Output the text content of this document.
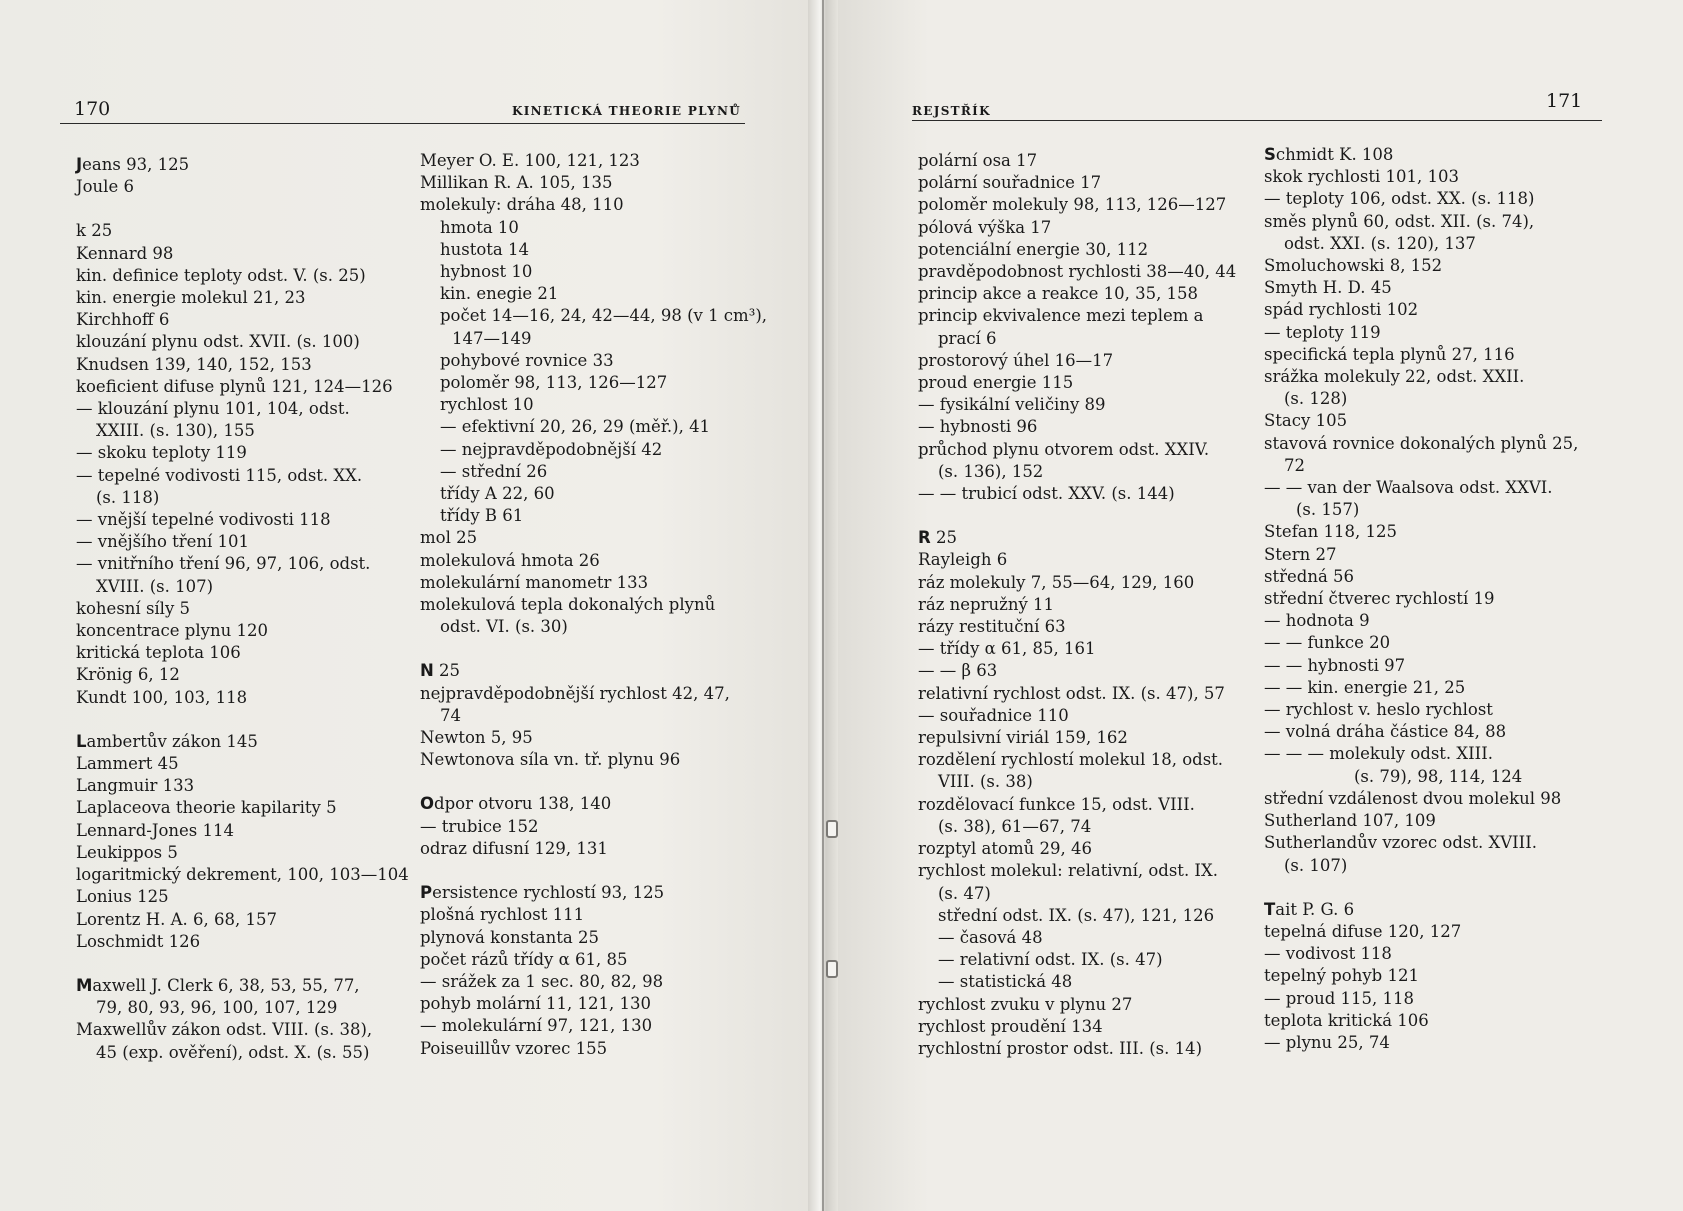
170	KINETICKÁ THEORIE PLYNŮ
Jeans 93, 125
Joule 6
k 25
Kennard 98
kin. definice teploty odst. V. (s. 25)
kin. energie molekul 21, 23
Kirchhoff 6
klouzání plynu odst. XVII. (s. 100)
Knudsen 139, 140, 152, 153
koeficient difuse plynů 121, 124—126
— klouzání plynu 101, 104, odst.
XXIII. (s. 130), 155
— skoku teploty 119
— tepelné vodivosti 115, odst. XX.
(s. 118)
— vnější tepelné vodivosti 118
— vnějšího tření 101
— vnitřního tření 96, 97, 106, odst.
XVIII. (s. 107)
kohesní síly 5
koncentrace plynu 120
kritická teplota 106
Krönig 6, 12
Kundt 100, 103, 118
Lambertův zákon 145
Lammert 45
Langmuir 133
Laplaceova theorie kapilarity 5
Lennard-Jones 114
Leukippos 5
logaritmický dekrement, 100, 103—104
Lonius 125
Lorentz H. A. 6, 68, 157
Loschmidt 126
Maxwell J. Clerk 6, 38, 53, 55, 77,
79, 80, 93, 96, 100, 107, 129
Maxwellův zákon odst. VIII. (s. 38),
45 (exp. ověření), odst. X. (s. 55)
Meyer O. E. 100, 121, 123
Millikan R. A. 105, 135
molekuly: dráha 48, 110
hmota 10
hustota 14
hybnost 10
kin. enegie 21
počet 14—16, 24, 42—44, 98 (v 1 cm³),
147—149
pohybové rovnice 33
poloměr 98, 113, 126—127
rychlost 10
— efektivní 20, 26, 29 (měř.), 41
— nejpravděpodobnější 42
— střední 26
třídy A 22, 60
třídy B 61
mol 25
molekulová hmota 26
molekulární manometr 133
molekulová tepla dokonalých plynů
odst. VI. (s. 30)
N 25
nejpravděpodobnější rychlost 42, 47,
74
Newton 5, 95
Newtonova síla vn. tř. plynu 96
Odpor otvoru 138, 140
— trubice 152
odraz difusní 129, 131
Persistence rychlostí 93, 125
plošná rychlost 111
plynová konstanta 25
počet rázů třídy α 61, 85
— srážek za 1 sec. 80, 82, 98
pohyb molární 11, 121, 130
— molekulární 97, 121, 130
Poiseuillův vzorec 155
REJSTŘÍK	171
polární osa 17
polární souřadnice 17
poloměr molekuly 98, 113, 126—127
pólová výška 17
potenciální energie 30, 112
pravděpodobnost rychlosti 38—40, 44
princip akce a reakce 10, 35, 158
princip ekvivalence mezi teplem a
prací 6
prostorový úhel 16—17
proud energie 115
— fysikální veličiny 89
— hybnosti 96
průchod plynu otvorem odst. XXIV.
(s. 136), 152
— — trubicí odst. XXV. (s. 144)
R 25
Rayleigh 6
ráz molekuly 7, 55—64, 129, 160
ráz nepružný 11
rázy restituční 63
— třídy α 61, 85, 161
— — β 63
relativní rychlost odst. IX. (s. 47), 57
— souřadnice 110
repulsivní viriál 159, 162
rozdělení rychlostí molekul 18, odst.
VIII. (s. 38)
rozdělovací funkce 15, odst. VIII.
(s. 38), 61—67, 74
rozptyl atomů 29, 46
rychlost molekul: relativní, odst. IX.
(s. 47)
střední odst. IX. (s. 47), 121, 126
— časová 48
— relativní odst. IX. (s. 47)
— statistická 48
rychlost zvuku v plynu 27
rychlost proudění 134
rychlostní prostor odst. III. (s. 14)
Schmidt K. 108
skok rychlosti 101, 103
— teploty 106, odst. XX. (s. 118)
směs plynů 60, odst. XII. (s. 74),
odst. XXI. (s. 120), 137
Smoluchowski 8, 152
Smyth H. D. 45
spád rychlosti 102
— teploty 119
specifická tepla plynů 27, 116
srážka molekuly 22, odst. XXII.
(s. 128)
Stacy 105
stavová rovnice dokonalých plynů 25,
72
— — van der Waalsova odst. XXVI.
(s. 157)
Stefan 118, 125
Stern 27
středná 56
střední čtverec rychlostí 19
— hodnota 9
— — funkce 20
— — hybnosti 97
— — kin. energie 21, 25
— rychlost v. heslo rychlost
— volná dráha částice 84, 88
— — — molekuly odst. XIII.
(s. 79), 98, 114, 124
střední vzdálenost dvou molekul 98
Sutherland 107, 109
Sutherlandův vzorec odst. XVIII.
(s. 107)
Tait P. G. 6
tepelná difuse 120, 127
— vodivost 118
tepelný pohyb 121
— proud 115, 118
teplota kritická 106
— plynu 25, 74
